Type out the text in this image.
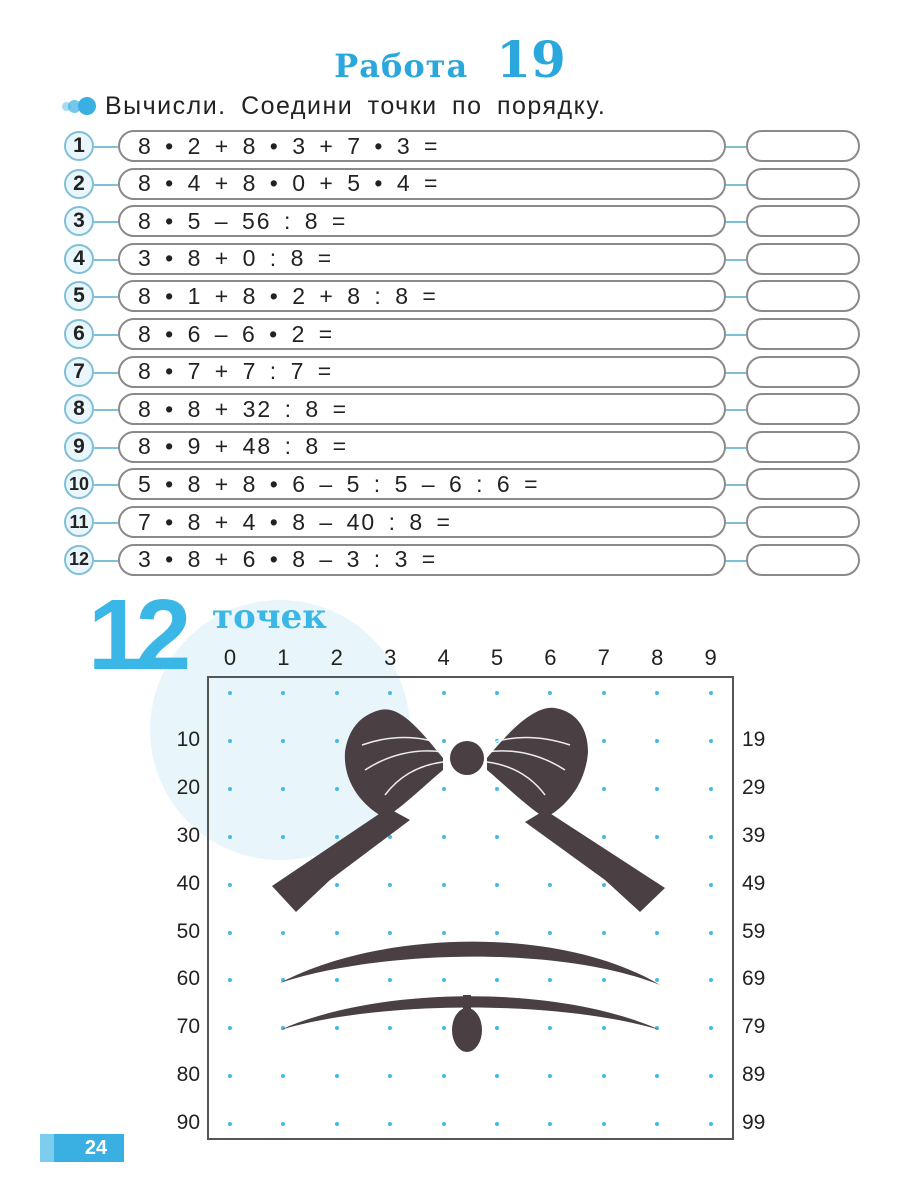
Работа 19
Вычисли. Соедини точки по порядку.
1	8 • 2 + 8 • 3 + 7 • 3 =
2	8 • 4 + 8 • 0 + 5 • 4 =
3	8 • 5 – 56 : 8 =
4	3 • 8 + 0 : 8 =
5	8 • 1 + 8 • 2 + 8 : 8 =
6	8 • 6 – 6 • 2 =
7	8 • 7 + 7 : 7 =
8	8 • 8 + 32 : 8 =
9	8 • 9 + 48 : 8 =
10 5 • 8 + 8 • 6 – 5 : 5 – 6 : 6 =
11 7 • 8 + 4 • 8 – 40 : 8 =
12 3 • 8 + 6 • 8 – 3 : 3 =
12 точек
0	1	2	3	4	5	6	7	8	9
10	19
20	29
30	39
40	49
50	59
60	69
70	79
80	89
90	99
24
